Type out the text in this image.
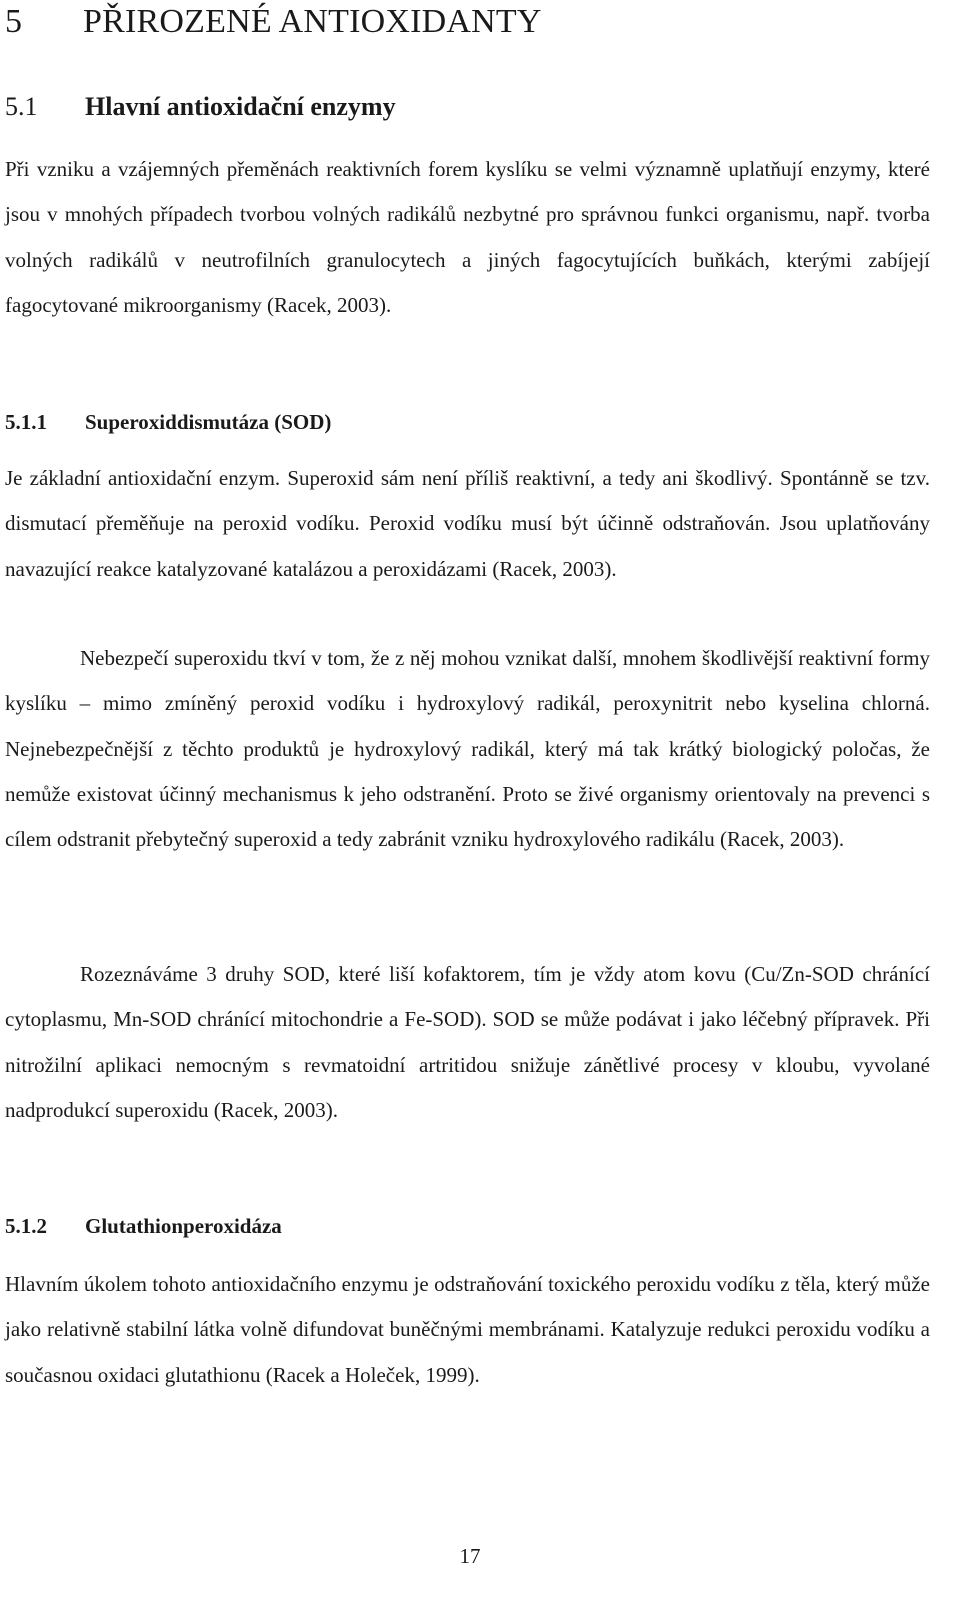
5 PŘIROZENÉ ANTIOXIDANTY
5.1 Hlavní antioxidační enzymy

Při vzniku a vzájemných přeměnách reaktivních forem kyslíku se velmi významně uplatňují enzymy, které jsou v mnohých případech tvorbou volných radikálů nezbytné pro správnou funkci organismu, např. tvorba volných radikálů v neutrofilních granulocytech a jiných fagocytujících buňkách, kterými zabíjejí fagocytované mikroorganismy (Racek, 2003).

5.1.1 Superoxiddismutáza (SOD)

Je základní antioxidační enzym. Superoxid sám není příliš reaktivní, a tedy ani škodlivý. Spontánně se tzv. dismutací přeměňuje na peroxid vodíku. Peroxid vodíku musí být účinně odstraňován. Jsou uplatňovány navazující reakce katalyzované katalázou a peroxidázami (Racek, 2003).

Nebezpečí superoxidu tkví v tom, že z něj mohou vznikat další, mnohem škodlivější reaktivní formy kyslíku – mimo zmíněný peroxid vodíku i hydroxylový radikál, peroxynitrit nebo kyselina chlorná. Nejnebezpečnější z těchto produktů je hydroxylový radikál, který má tak krátký biologický poločas, že nemůže existovat účinný mechanismus k jeho odstranění. Proto se živé organismy orientovaly na prevenci s cílem odstranit přebytečný superoxid a tedy zabránit vzniku hydroxylového radikálu (Racek, 2003).

Rozeznáváme 3 druhy SOD, které liší kofaktorem, tím je vždy atom kovu (Cu/Zn-SOD chránící cytoplasmu, Mn-SOD chránící mitochondrie a Fe-SOD). SOD se může podávat i jako léčebný přípravek. Při nitrožilní aplikaci nemocným s revmatoidní artritidou snižuje zánětlivé procesy v kloubu, vyvolané nadprodukcí superoxidu (Racek, 2003).

5.1.2 Glutathionperoxidáza

Hlavním úkolem tohoto antioxidačního enzymu je odstraňování toxického peroxidu vodíku z těla, který může jako relativně stabilní látka volně difundovat buněčnými membránami. Katalyzuje redukci peroxidu vodíku a současnou oxidaci glutathionu (Racek a Holeček, 1999).

17
